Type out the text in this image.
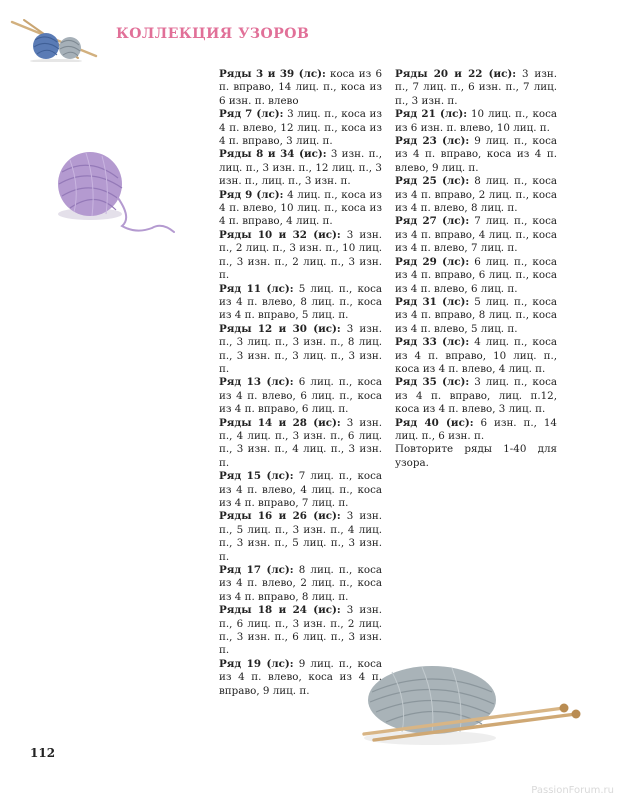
КОЛЛЕКЦИЯ УЗОРОВ

Ряды 3 и 39 (лс): коса из 6 п. вправо, 14 лиц. п., коса из 6 изн. п. влево

Ряд 7 (лс): 3 лиц. п., коса из 4 п. влево, 12 лиц. п., коса из 4 п. вправо, 3 лиц. п.

Ряды 8 и 34 (ис): 3 изн. п., лиц. п., 3 изн. п., 12 лиц. п., 3 изн. п., лиц. п., 3 изн. п.

Ряд 9 (лс): 4 лиц. п., коса из 4 п. влево, 10 лиц. п., коса из 4 п. вправо, 4 лиц. п.

Ряды 10 и 32 (ис): 3 изн. п., 2 лиц. п., 3 изн. п., 10 лиц. п., 3 изн. п., 2 лиц. п., 3 изн. п.

Ряд 11 (лс): 5 лиц. п., коса из 4 п. влево, 8 лиц. п., коса из 4 п. вправо, 5 лиц. п.

Ряды 12 и 30 (ис): 3 изн. п., 3 лиц. п., 3 изн. п., 8 лиц. п., 3 изн. п., 3 лиц. п., 3 изн. п.

Ряд 13 (лс): 6 лиц. п., коса из 4 п. влево, 6 лиц. п., коса из 4 п. вправо, 6 лиц. п.

Ряды 14 и 28 (ис): 3 изн. п., 4 лиц. п., 3 изн. п., 6 лиц. п., 3 изн. п., 4 лиц. п., 3 изн. п.

Ряд 15 (лс): 7 лиц. п., коса из 4 п. влево, 4 лиц. п., коса из 4 п. вправо, 7 лиц. п.

Ряды 16 и 26 (ис): 3 изн. п., 5 лиц. п., 3 изн. п., 4 лиц. п., 3 изн. п., 5 лиц. п., 3 изн. п.

Ряд 17 (лс): 8 лиц. п., коса из 4 п. влево, 2 лиц. п., коса из 4 п. вправо, 8 лиц. п.

Ряды 18 и 24 (ис): 3 изн. п., 6 лиц. п., 3 изн. п., 2 лиц. п., 3 изн. п., 6 лиц. п., 3 изн. п.

Ряд 19 (лс): 9 лиц. п., коса из 4 п. влево, коса из 4 п. вправо, 9 лиц. п.

Ряды 20 и 22 (ис): 3 изн. п., 7 лиц. п., 6 изн. п., 7 лиц. п., 3 изн. п.

Ряд 21 (лс): 10 лиц. п., коса из 6 изн. п. влево, 10 лиц. п.

Ряд 23 (лс): 9 лиц. п., коса из 4 п. вправо, коса из 4 п. влево, 9 лиц. п.

Ряд 25 (лс): 8 лиц. п., коса из 4 п. вправо, 2 лиц. п., коса из 4 п. влево, 8 лиц. п.

Ряд 27 (лс): 7 лиц. п., коса из 4 п. вправо, 4 лиц. п., коса из 4 п. влево, 7 лиц. п.

Ряд 29 (лс): 6 лиц. п., коса из 4 п. вправо, 6 лиц. п., коса из 4 п. влево, 6 лиц. п.

Ряд 31 (лс): 5 лиц. п., коса из 4 п. вправо, 8 лиц. п., коса из 4 п. влево, 5 лиц. п.

Ряд 33 (лс): 4 лиц. п., коса из 4 п. вправо, 10 лиц. п., коса из 4 п. влево, 4 лиц. п.

Ряд 35 (лс): 3 лиц. п., коса из 4 п. вправо, лиц. п.12, коса из 4 п. влево, 3 лиц. п.

Ряд 40 (ис): 6 изн. п., 14 лиц. п., 6 изн. п.

Повторите ряды 1-40 для узора.

112
PassionForum.ru
